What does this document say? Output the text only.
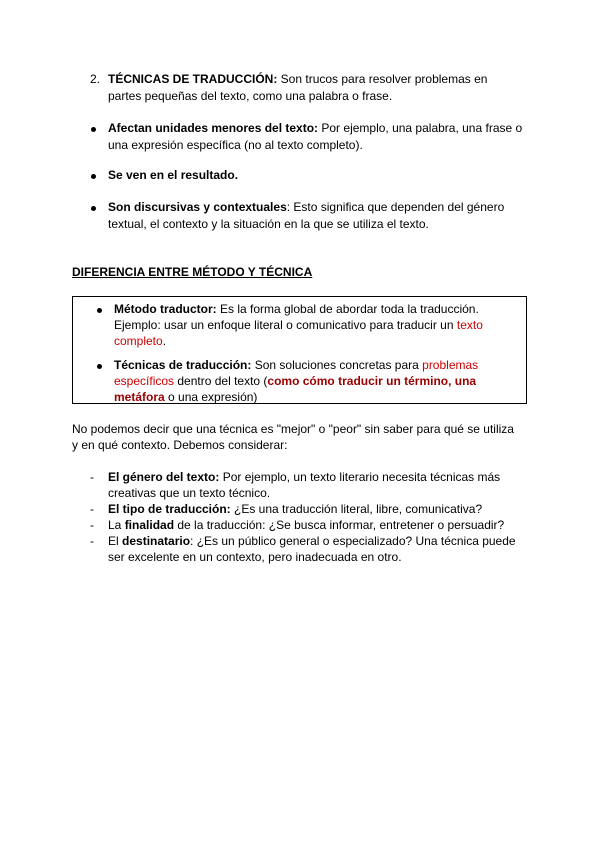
2. TÉCNICAS DE TRADUCCIÓN: Son trucos para resolver problemas en
partes pequeñas del texto, como una palabra o frase.
Afectan unidades menores del texto: Por ejemplo, una palabra, una frase o
una expresión específica (no al texto completo).
Se ven en el resultado.
Son discursivas y contextuales: Esto significa que dependen del género
textual, el contexto y la situación en la que se utiliza el texto.
DIFERENCIA ENTRE MÉTODO Y TÉCNICA
Método traductor: Es la forma global de abordar toda la traducción.
Ejemplo: usar un enfoque literal o comunicativo para traducir un texto
completo.
Técnicas de traducción: Son soluciones concretas para problemas
específicos dentro del texto (como cómo traducir un término, una
metáfora o una expresión)
No podemos decir que una técnica es "mejor" o "peor" sin saber para qué se utiliza
y en qué contexto. Debemos considerar:
- El género del texto: Por ejemplo, un texto literario necesita técnicas más
creativas que un texto técnico.
- El tipo de traducción: ¿Es una traducción literal, libre, comunicativa?
- La finalidad de la traducción: ¿Se busca informar, entretener o persuadir?
- El destinatario: ¿Es un público general o especializado? Una técnica puede
ser excelente en un contexto, pero inadecuada en otro.
